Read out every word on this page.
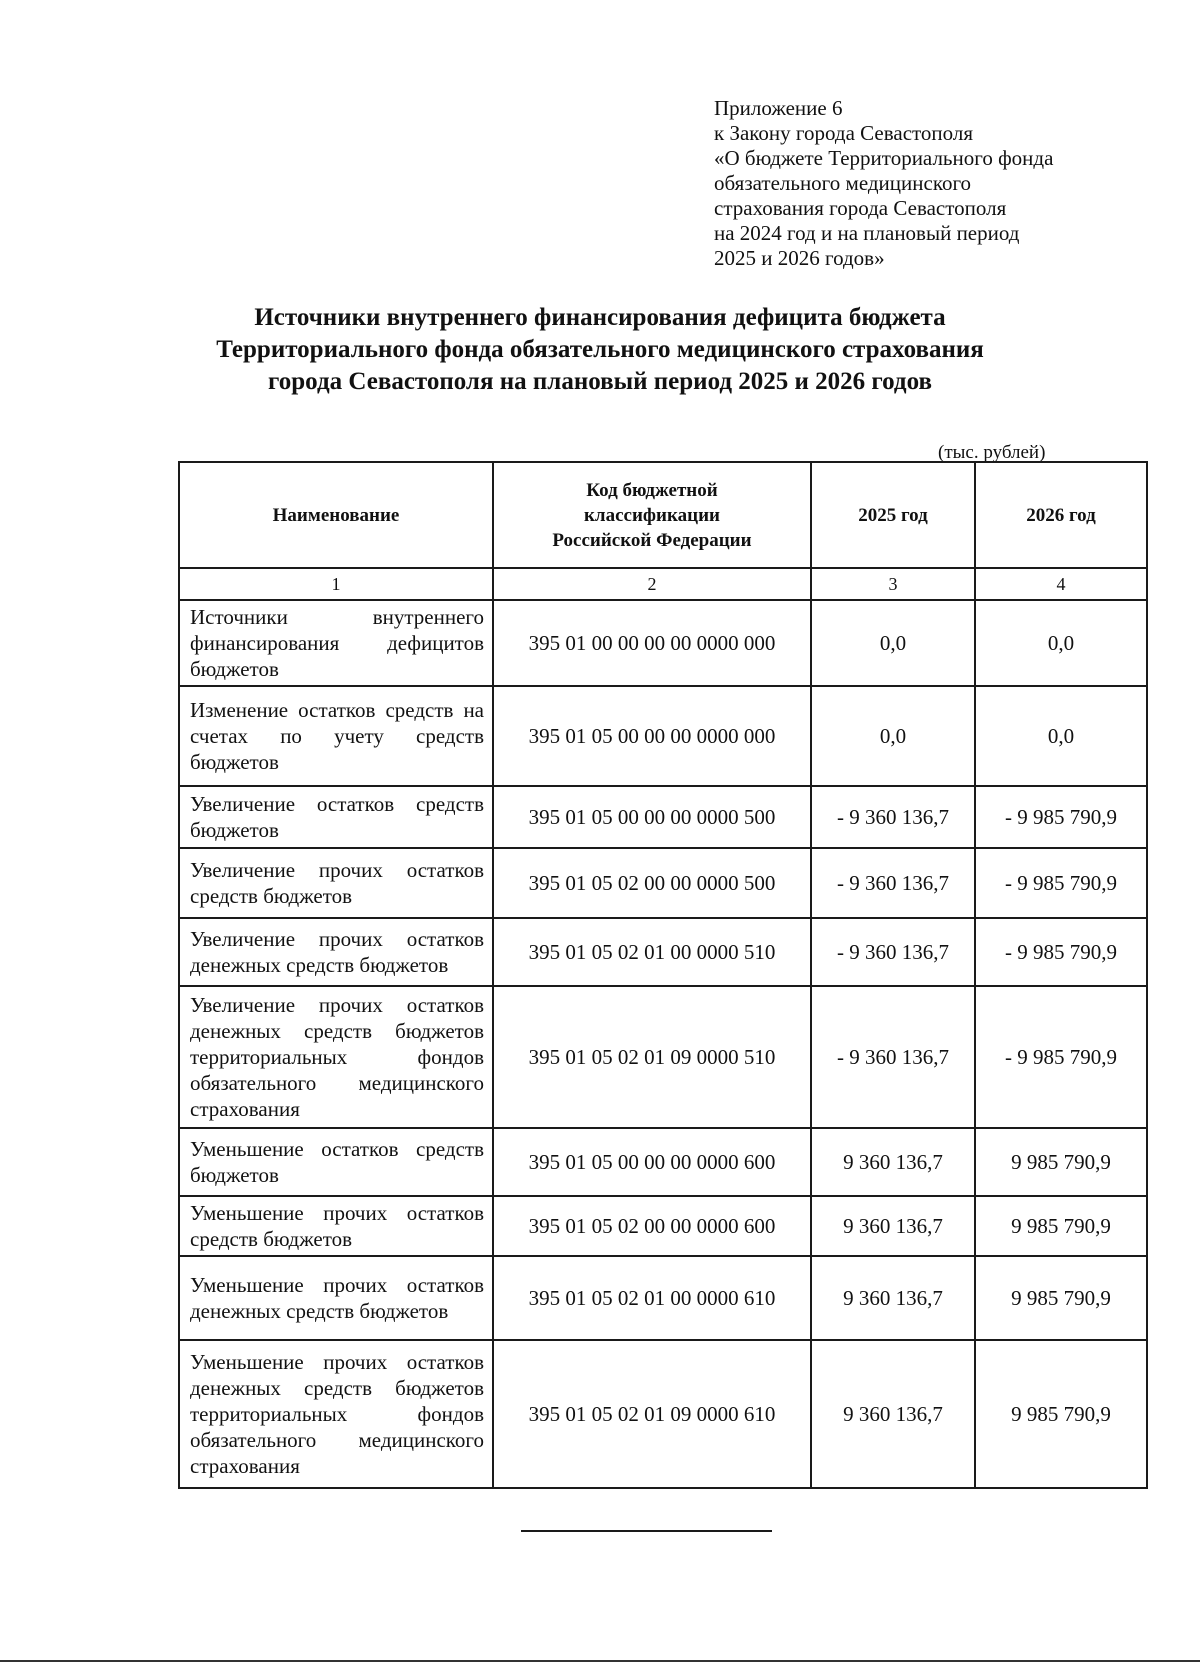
Приложение 6
к Закону города Севастополя
«О бюджете Территориального фонда
обязательного медицинского
страхования города Севастополя
на 2024 год и на плановый период
2025 и 2026 годов»
Источники внутреннего финансирования дефицита бюджета
Территориального фонда обязательного медицинского страхования
города Севастополя на плановый период 2025 и 2026 годов
(тыс. рублей)
Наименование	Код бюджетной классификации Российской Федерации	2025 год	2026 год
1	2	3	4
Источники внутреннего финансирования дефицитов бюджетов	395 01 00 00 00 00 0000 000	0,0	0,0
Изменение остатков средств на счетах по учету средств бюджетов	395 01 05 00 00 00 0000 000	0,0	0,0
Увеличение остатков средств бюджетов	395 01 05 00 00 00 0000 500	- 9 360 136,7	- 9 985 790,9
Увеличение прочих остатков средств бюджетов	395 01 05 02 00 00 0000 500	- 9 360 136,7	- 9 985 790,9
Увеличение прочих остатков денежных средств бюджетов	395 01 05 02 01 00 0000 510	- 9 360 136,7	- 9 985 790,9
Увеличение прочих остатков денежных средств бюджетов территориальных фондов обязательного медицинского страхования	395 01 05 02 01 09 0000 510	- 9 360 136,7	- 9 985 790,9
Уменьшение остатков средств бюджетов	395 01 05 00 00 00 0000 600	9 360 136,7	9 985 790,9
Уменьшение прочих остатков средств бюджетов	395 01 05 02 00 00 0000 600	9 360 136,7	9 985 790,9
Уменьшение прочих остатков денежных средств бюджетов	395 01 05 02 01 00 0000 610	9 360 136,7	9 985 790,9
Уменьшение прочих остатков денежных средств бюджетов территориальных фондов обязательного медицинского страхования	395 01 05 02 01 09 0000 610	9 360 136,7	9 985 790,9
